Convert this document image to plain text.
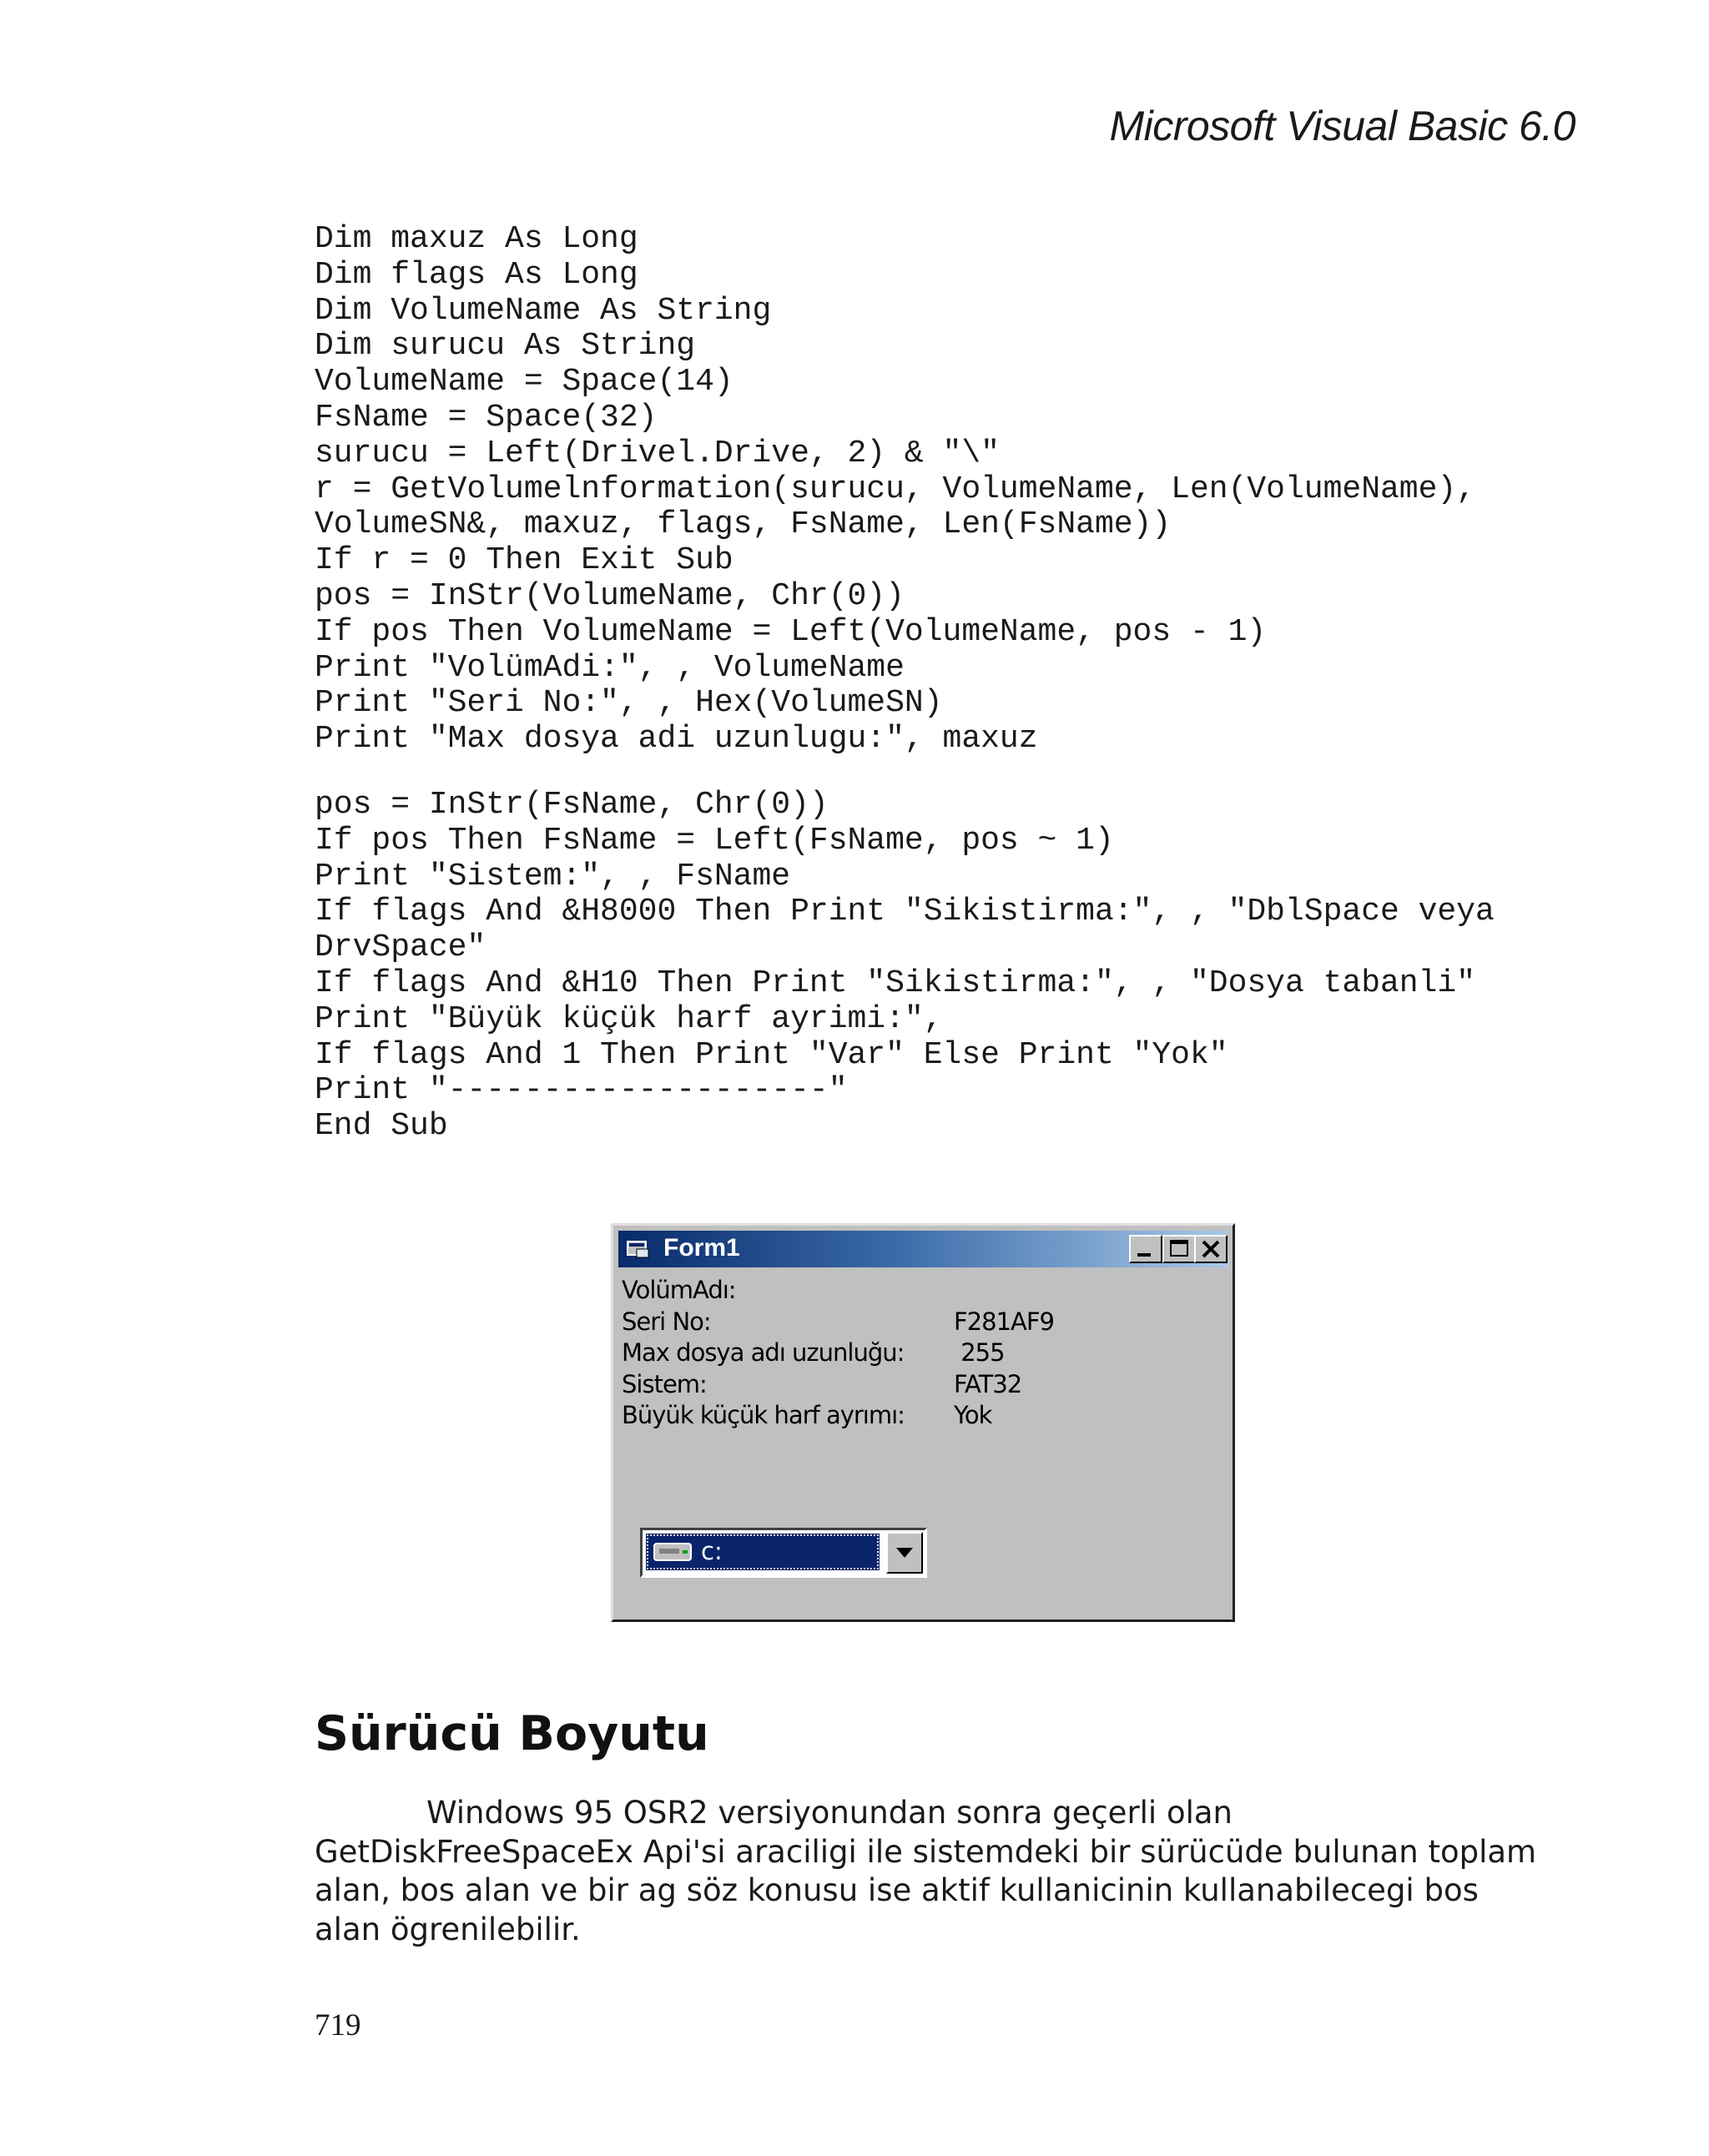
Microsoft Visual Basic 6.0
Dim maxuz As Long
Dim flags As Long
Dim VolumeName As String
Dim surucu As String
VolumeName = Space(14)
FsName = Space(32)
surucu = Left(Drivel.Drive, 2) & "\"
r = GetVolumelnformation(surucu, VolumeName, Len(VolumeName),
VolumeSN&, maxuz, flags, FsName, Len(FsName))
If r = 0 Then Exit Sub
pos = InStr(VolumeName, Chr(0))
If pos Then VolumeName = Left(VolumeName, pos - 1)
Print "VolümAdi:", , VolumeName
Print "Seri No:", , Hex(VolumeSN)
Print "Max dosya adi uzunlugu:", maxuz
pos = InStr(FsName, Chr(0))
If pos Then FsName = Left(FsName, pos ~ 1)
Print "Sistem:", , FsName
If flags And &H8000 Then Print "Sikistirma:", , "DblSpace veya
DrvSpace"
If flags And &H10 Then Print "Sikistirma:", , "Dosya tabanli"
Print "Büyük küçük harf ayrimi:",
If flags And 1 Then Print "Var" Else Print "Yok"
Print "--------------------"
End Sub
Form1
VolümAdı:
Seri No:	F281AF9
Max dosya adı uzunluğu: 255
Sistem:	FAT32
Büyük küçük harf ayrımı: Yok
c:
Sürücü Boyutu
Windows 95 OSR2 versiyonundan sonra geçerli olan
GetDiskFreeSpaceEx Api'si araciligi ile sistemdeki bir sürücüde bulunan toplam
alan, bos alan ve bir ag söz konusu ise aktif kullanicinin kullanabilecegi bos
alan ögrenilebilir.
719
